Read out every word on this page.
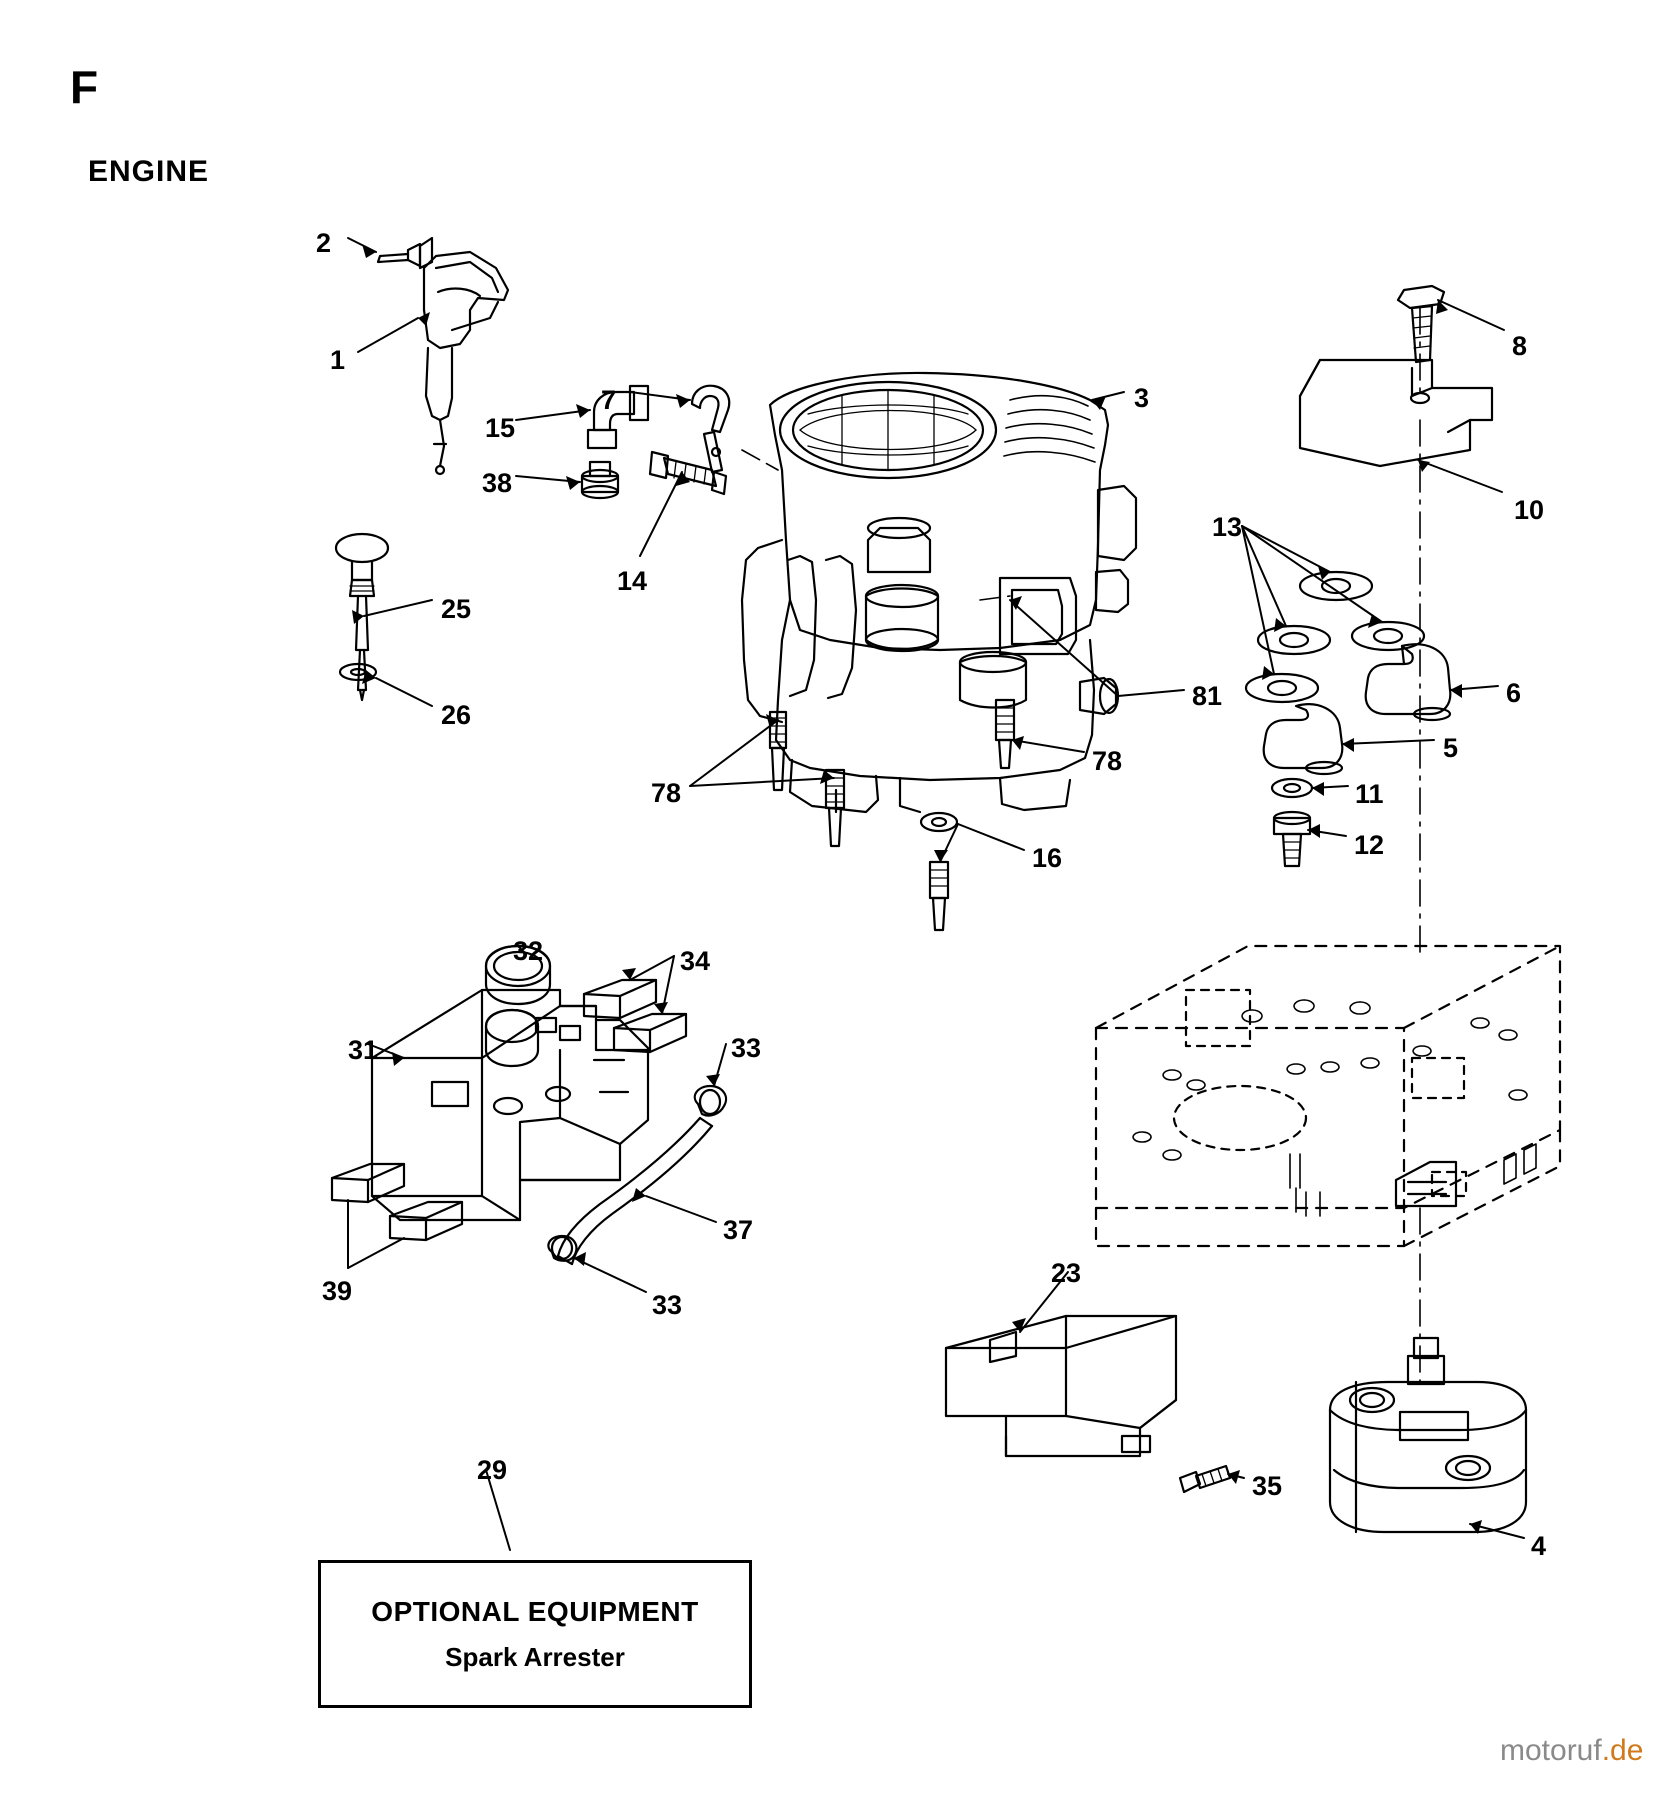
F
ENGINE
2
1
15
38
7
14
3
8
10
13
6
5
11
12
25
26
81
78
78
16
32	34
31	33
37
39	33
23
35
4
29
OPTIONAL EQUIPMENT
Spark Arrester
motoruf.de
